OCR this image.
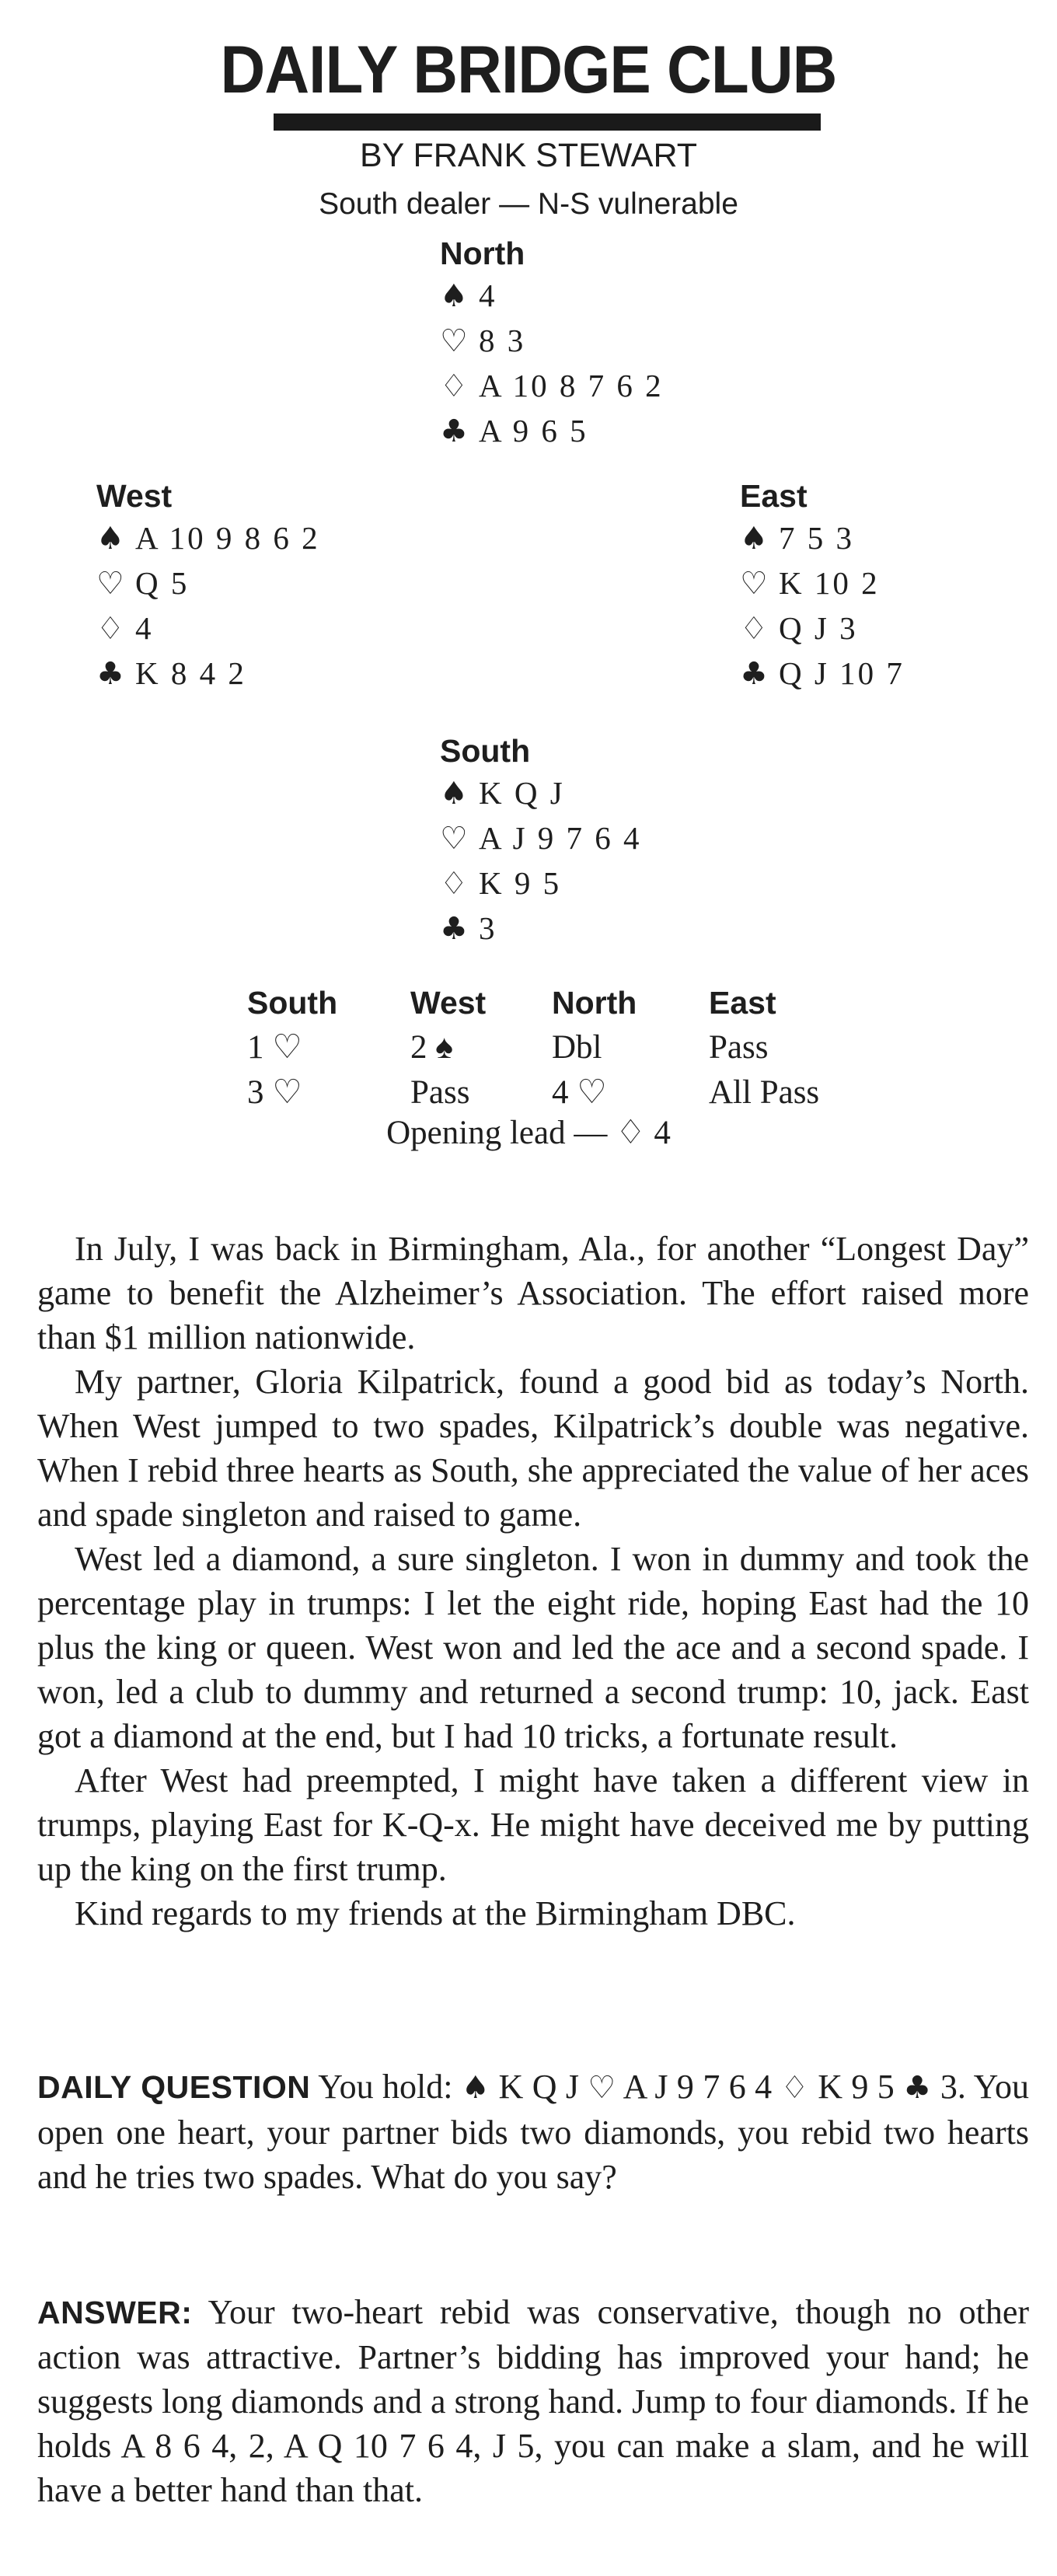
DAILY BRIDGE CLUB
BY FRANK STEWART
South dealer — N-S vulnerable
North
♠ 4
♡ 8 3
♢ A 10 8 7 6 2
♣ A 9 6 5
West
♠ A 10 9 8 6 2
♡ Q 5
♢ 4
♣ K 8 4 2
East
♠ 7 5 3
♡ K 10 2
♢ Q J 3
♣ Q J 10 7
South
♠ K Q J
♡ A J 9 7 6 4
♢ K 9 5
♣ 3
South West North East
1 ♡	2 ♠	Dbl	Pass
3 ♡	Pass 4 ♡	All Pass
Opening lead — ♢ 4

In July, I was back in Birmingham, Ala., for another “Longest Day” game to benefit the Alzheimer’s Association. The effort raised more than $1 million nationwide.

My partner, Gloria Kilpatrick, found a good bid as today’s North. When West jumped to two spades, Kilpatrick’s double was negative. When I rebid three hearts as South, she appreciated the value of her aces and spade singleton and raised to game.

West led a diamond, a sure singleton. I won in dummy and took the percentage play in trumps: I let the eight ride, hoping East had the 10 plus the king or queen. West won and led the ace and a second spade. I won, led a club to dummy and returned a second trump: 10, jack. East got a diamond at the end, but I had 10 tricks, a fortunate result.

After West had preempted, I might have taken a different view in trumps, playing East for K-Q-x. He might have deceived me by putting up the king on the first trump.

Kind regards to my friends at the Birmingham DBC.

DAILY QUESTION You hold: ♠ K Q J ♡ A J 9 7 6 4 ♢ K 9 5 ♣ 3. You open one heart, your partner bids two diamonds, you rebid two hearts and he tries two spades. What do you say?

ANSWER: Your two-heart rebid was conservative, though no other action was attractive. Partner’s bidding has improved your hand; he suggests long diamonds and a strong hand. Jump to four diamonds. If he holds A 8 6 4, 2, A Q 10 7 6 4, J 5, you can make a slam, and he will have a better hand than that.
